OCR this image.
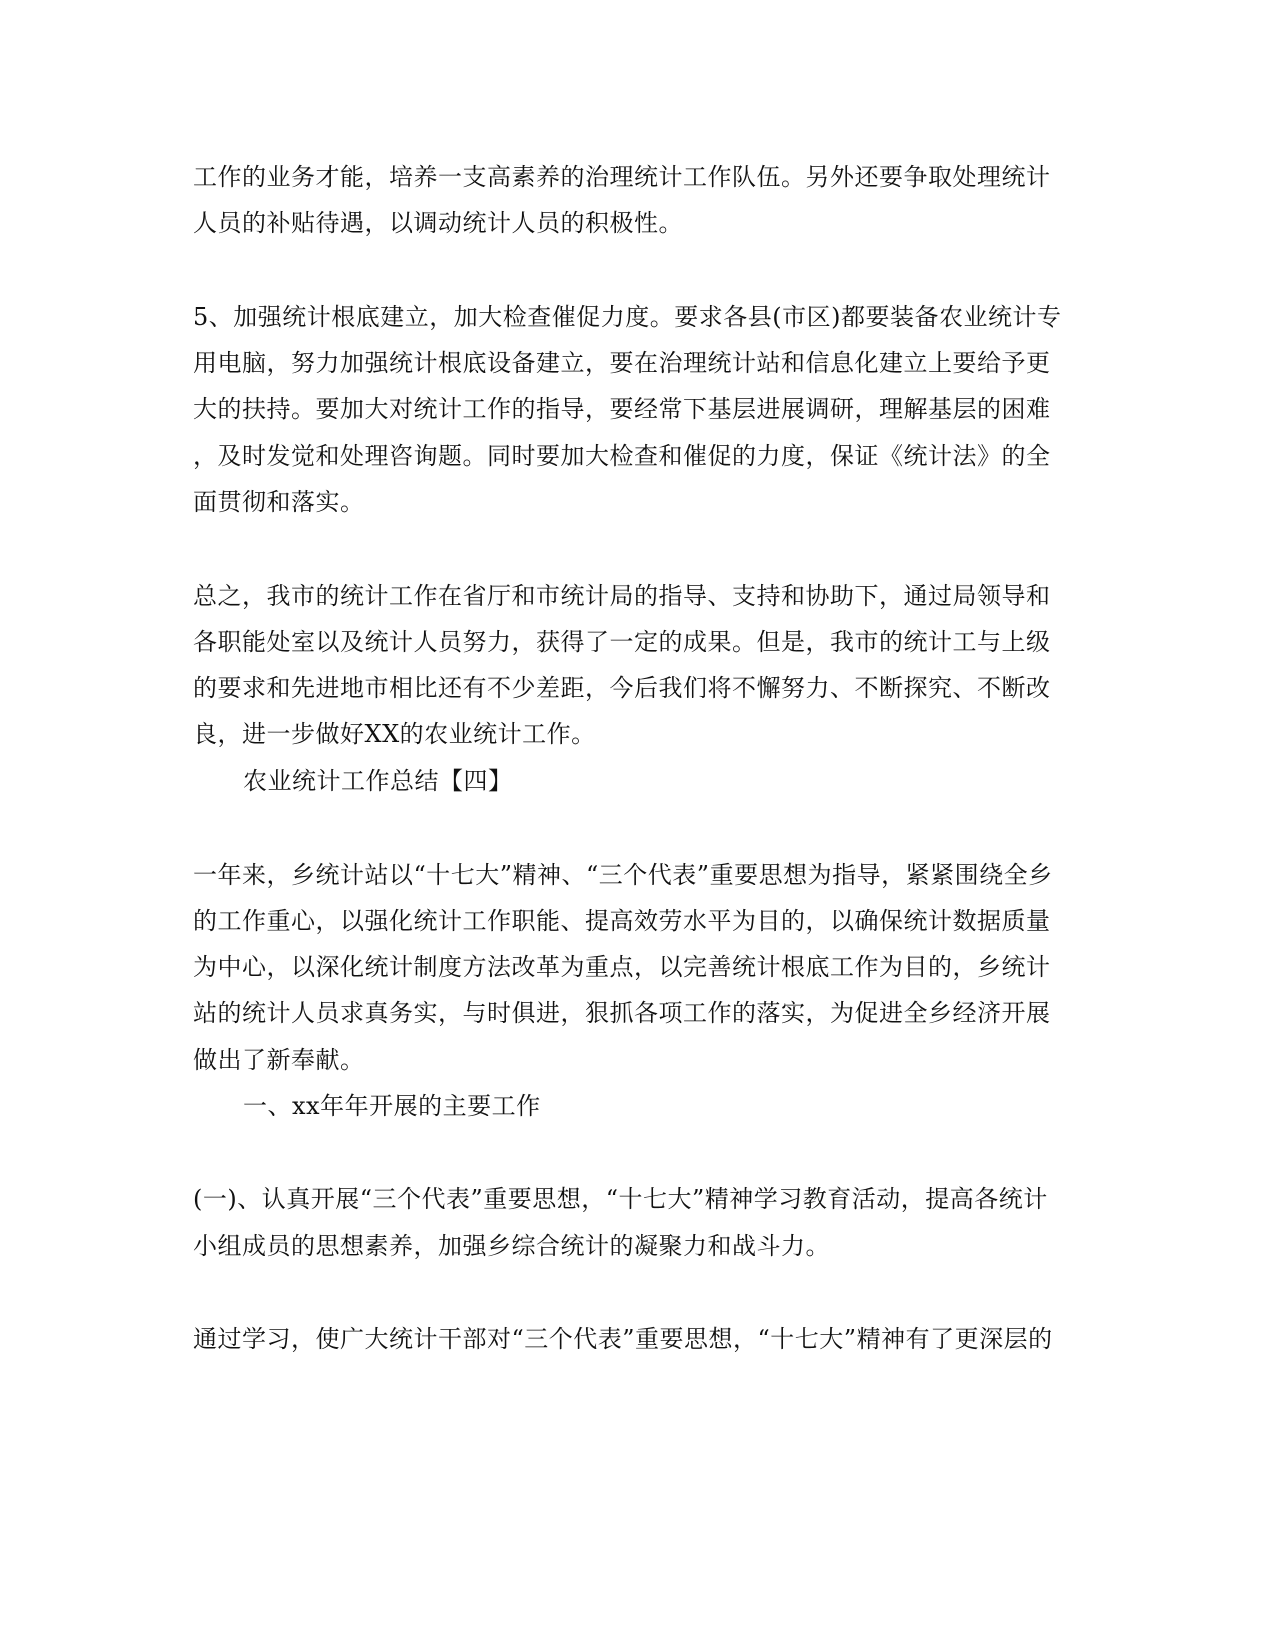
工作的业务才能，培养一支高素养的治理统计工作队伍。另外还要争取处理统计
人员的补贴待遇，以调动统计人员的积极性。
5、加强统计根底建立，加大检查催促力度。要求各县(市区)都要装备农业统计专
用电脑，努力加强统计根底设备建立，要在治理统计站和信息化建立上要给予更
大的扶持。要加大对统计工作的指导，要经常下基层进展调研，理解基层的困难
，及时发觉和处理咨询题。同时要加大检查和催促的力度，保证《统计法》的全
面贯彻和落实。
总之，我市的统计工作在省厅和市统计局的指导、支持和协助下，通过局领导和
各职能处室以及统计人员努力，获得了一定的成果。但是，我市的统计工与上级
的要求和先进地市相比还有不少差距，今后我们将不懈努力、不断探究、不断改
良，进一步做好XX的农业统计工作。
农业统计工作总结【四】
一年来，乡统计站以“十七大”精神、“三个代表”重要思想为指导，紧紧围绕全乡
的工作重心，以强化统计工作职能、提高效劳水平为目的，以确保统计数据质量
为中心，以深化统计制度方法改革为重点，以完善统计根底工作为目的，乡统计
站的统计人员求真务实，与时俱进，狠抓各项工作的落实，为促进全乡经济开展
做出了新奉献。
一、xx年年开展的主要工作
(一)、认真开展“三个代表”重要思想，“十七大”精神学习教育活动，提高各统计
小组成员的思想素养，加强乡综合统计的凝聚力和战斗力。
通过学习，使广大统计干部对“三个代表”重要思想，“十七大”精神有了更深层的
